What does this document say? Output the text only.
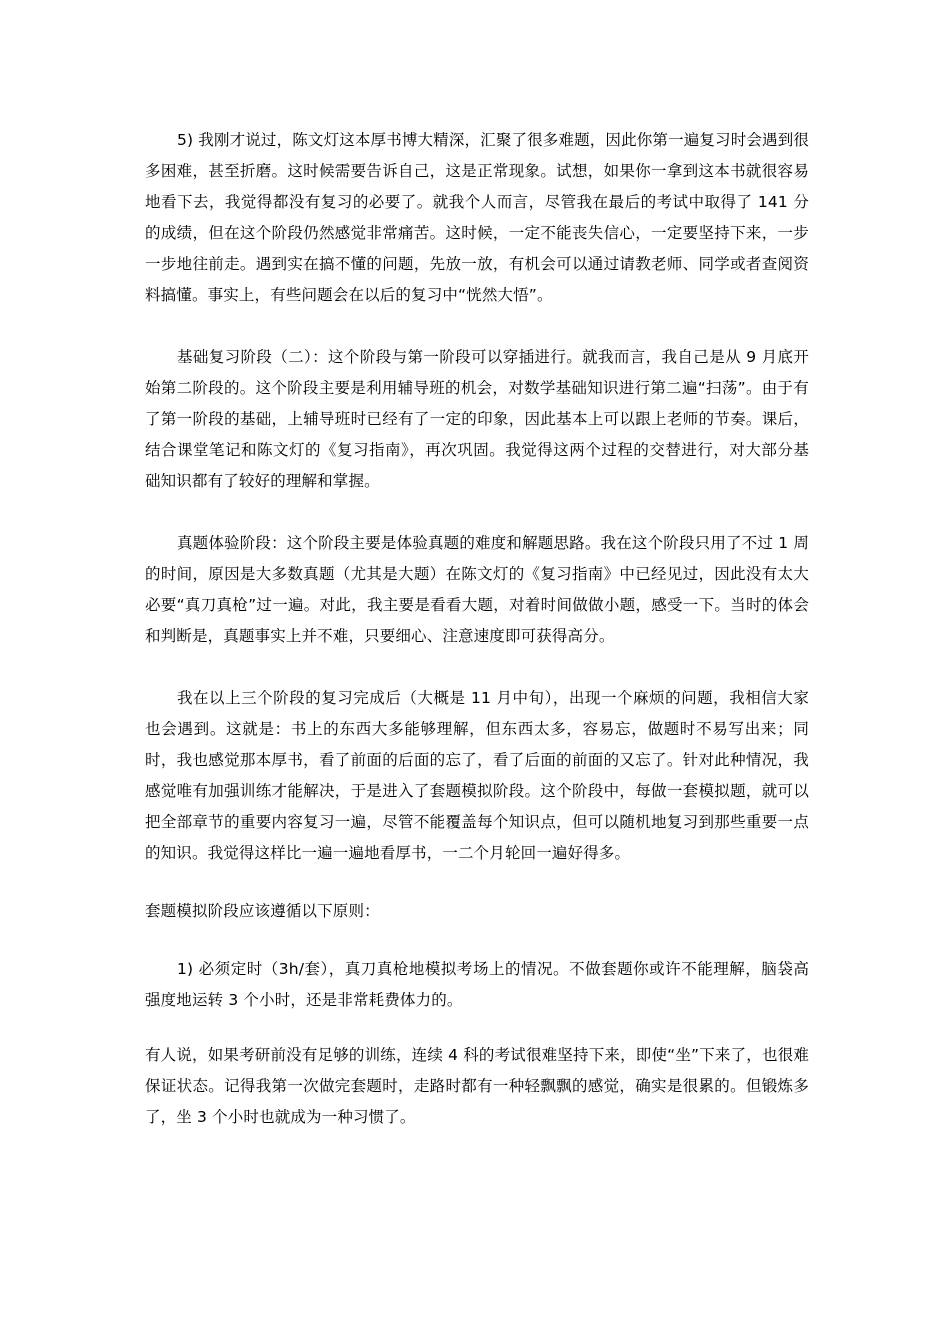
5) 我刚才说过，陈文灯这本厚书博大精深，汇聚了很多难题，因此你第一遍复习时会遇到很多困难，甚至折磨。这时候需要告诉自己，这是正常现象。试想，如果你一拿到这本书就很容易地看下去，我觉得都没有复习的必要了。就我个人而言，尽管我在最后的考试中取得了 141 分的成绩，但在这个阶段仍然感觉非常痛苦。这时候，一定不能丧失信心，一定要坚持下来，一步一步地往前走。遇到实在搞不懂的问题，先放一放，有机会可以通过请教老师、同学或者查阅资料搞懂。事实上，有些问题会在以后的复习中“恍然大悟”。

基础复习阶段（二）：这个阶段与第一阶段可以穿插进行。就我而言，我自己是从 9 月底开始第二阶段的。这个阶段主要是利用辅导班的机会，对数学基础知识进行第二遍“扫荡”。由于有了第一阶段的基础，上辅导班时已经有了一定的印象，因此基本上可以跟上老师的节奏。课后，结合课堂笔记和陈文灯的《复习指南》，再次巩固。我觉得这两个过程的交替进行，对大部分基础知识都有了较好的理解和掌握。

真题体验阶段：这个阶段主要是体验真题的难度和解题思路。我在这个阶段只用了不过 1 周的时间，原因是大多数真题（尤其是大题）在陈文灯的《复习指南》中已经见过，因此没有太大必要“真刀真枪”过一遍。对此，我主要是看看大题，对着时间做做小题，感受一下。当时的体会和判断是，真题事实上并不难，只要细心、注意速度即可获得高分。

我在以上三个阶段的复习完成后（大概是 11 月中旬），出现一个麻烦的问题，我相信大家也会遇到。这就是：书上的东西大多能够理解，但东西太多，容易忘，做题时不易写出来；同时，我也感觉那本厚书，看了前面的后面的忘了，看了后面的前面的又忘了。针对此种情况，我感觉唯有加强训练才能解决，于是进入了套题模拟阶段。这个阶段中，每做一套模拟题，就可以把全部章节的重要内容复习一遍，尽管不能覆盖每个知识点，但可以随机地复习到那些重要一点的知识。我觉得这样比一遍一遍地看厚书，一二个月轮回一遍好得多。

套题模拟阶段应该遵循以下原则：

1) 必须定时（3h/套），真刀真枪地模拟考场上的情况。不做套题你或许不能理解，脑袋高强度地运转 3 个小时，还是非常耗费体力的。

有人说，如果考研前没有足够的训练，连续 4 科的考试很难坚持下来，即使“坐”下来了，也很难保证状态。记得我第一次做完套题时，走路时都有一种轻飘飘的感觉，确实是很累的。但锻炼多了，坐 3 个小时也就成为一种习惯了。
